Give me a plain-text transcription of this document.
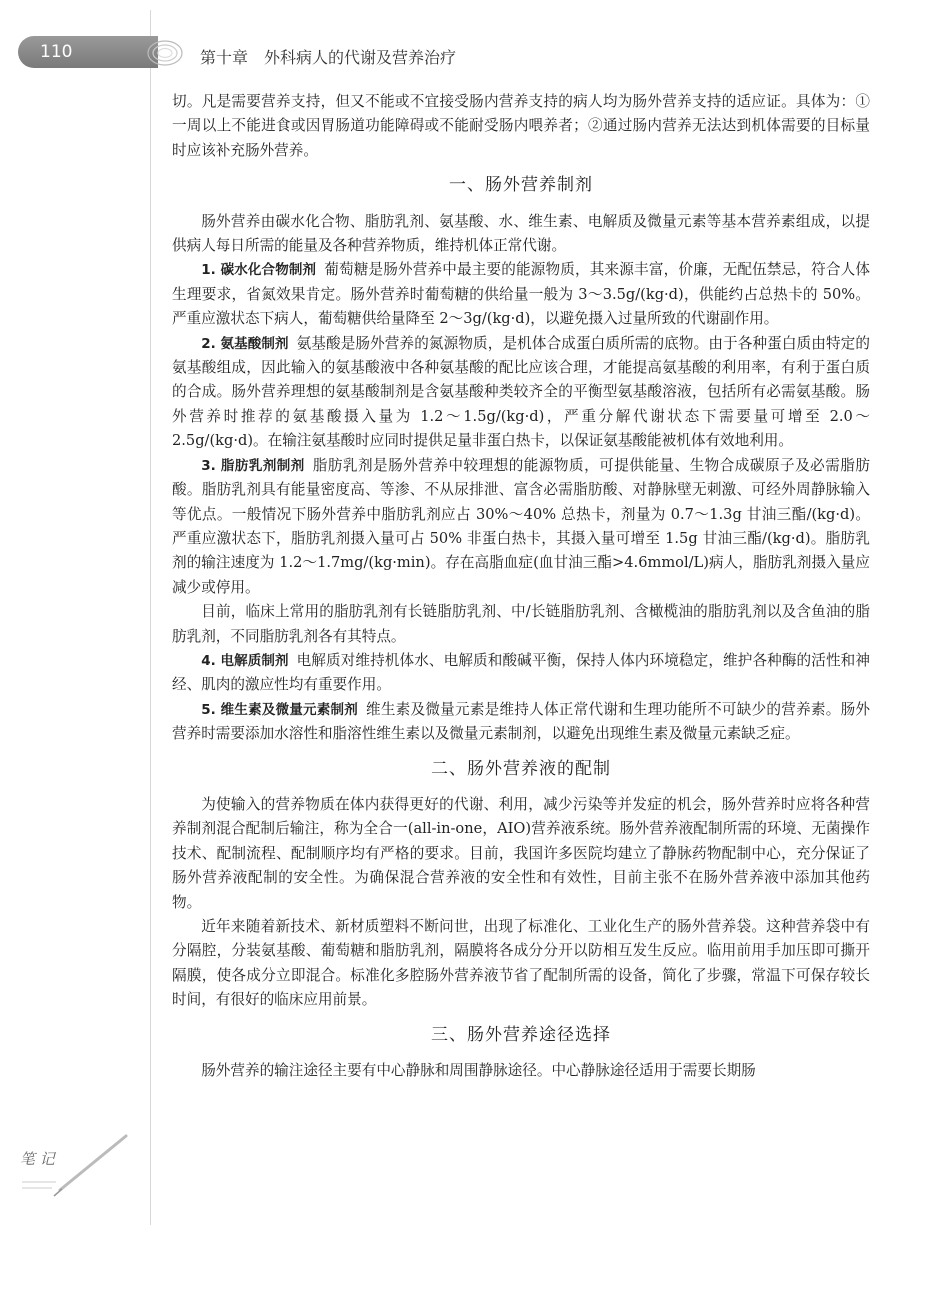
110	第十章　外科病人的代谢及营养治疗

切。凡是需要营养支持，但又不能或不宜接受肠内营养支持的病人均为肠外营养支持的适应证。具体为：①一周以上不能进食或因胃肠道功能障碍或不能耐受肠内喂养者；②通过肠内营养无法达到机体需要的目标量时应该补充肠外营养。

一、肠外营养制剂

肠外营养由碳水化合物、脂肪乳剂、氨基酸、水、维生素、电解质及微量元素等基本营养素组成，以提供病人每日所需的能量及各种营养物质，维持机体正常代谢。

1. 碳水化合物制剂 葡萄糖是肠外营养中最主要的能源物质，其来源丰富，价廉，无配伍禁忌，符合人体生理要求，省氮效果肯定。肠外营养时葡萄糖的供给量一般为 3～3.5g/(kg·d)，供能约占总热卡的 50%。严重应激状态下病人，葡萄糖供给量降至 2～3g/(kg·d)，以避免摄入过量所致的代谢副作用。

2. 氨基酸制剂 氨基酸是肠外营养的氮源物质，是机体合成蛋白质所需的底物。由于各种蛋白质由特定的氨基酸组成，因此输入的氨基酸液中各种氨基酸的配比应该合理，才能提高氨基酸的利用率，有利于蛋白质的合成。肠外营养理想的氨基酸制剂是含氨基酸种类较齐全的平衡型氨基酸溶液，包括所有必需氨基酸。肠外营养时推荐的氨基酸摄入量为 1.2～1.5g/(kg·d)，严重分解代谢状态下需要量可增至 2.0～2.5g/(kg·d)。在输注氨基酸时应同时提供足量非蛋白热卡，以保证氨基酸能被机体有效地利用。

3. 脂肪乳剂制剂 脂肪乳剂是肠外营养中较理想的能源物质，可提供能量、生物合成碳原子及必需脂肪酸。脂肪乳剂具有能量密度高、等渗、不从尿排泄、富含必需脂肪酸、对静脉壁无刺激、可经外周静脉输入等优点。一般情况下肠外营养中脂肪乳剂应占 30%～40% 总热卡，剂量为 0.7～1.3g 甘油三酯/(kg·d)。严重应激状态下，脂肪乳剂摄入量可占 50% 非蛋白热卡，其摄入量可增至 1.5g 甘油三酯/(kg·d)。脂肪乳剂的输注速度为 1.2～1.7mg/(kg·min)。存在高脂血症(血甘油三酯>4.6mmol/L)病人，脂肪乳剂摄入量应减少或停用。

目前，临床上常用的脂肪乳剂有长链脂肪乳剂、中/长链脂肪乳剂、含橄榄油的脂肪乳剂以及含鱼油的脂肪乳剂，不同脂肪乳剂各有其特点。

4. 电解质制剂 电解质对维持机体水、电解质和酸碱平衡，保持人体内环境稳定，维护各种酶的活性和神经、肌肉的激应性均有重要作用。

5. 维生素及微量元素制剂 维生素及微量元素是维持人体正常代谢和生理功能所不可缺少的营养素。肠外营养时需要添加水溶性和脂溶性维生素以及微量元素制剂，以避免出现维生素及微量元素缺乏症。

二、肠外营养液的配制

为使输入的营养物质在体内获得更好的代谢、利用，减少污染等并发症的机会，肠外营养时应将各种营养制剂混合配制后输注，称为全合一(all-in-one，AIO)营养液系统。肠外营养液配制所需的环境、无菌操作技术、配制流程、配制顺序均有严格的要求。目前，我国许多医院均建立了静脉药物配制中心，充分保证了肠外营养液配制的安全性。为确保混合营养液的安全性和有效性，目前主张不在肠外营养液中添加其他药物。

近年来随着新技术、新材质塑料不断问世，出现了标准化、工业化生产的肠外营养袋。这种营养袋中有分隔腔，分装氨基酸、葡萄糖和脂肪乳剂，隔膜将各成分分开以防相互发生反应。临用前用手加压即可撕开隔膜，使各成分立即混合。标准化多腔肠外营养液节省了配制所需的设备，简化了步骤，常温下可保存较长时间，有很好的临床应用前景。

三、肠外营养途径选择

肠外营养的输注途径主要有中心静脉和周围静脉途径。中心静脉途径适用于需要长期肠

笔 记
